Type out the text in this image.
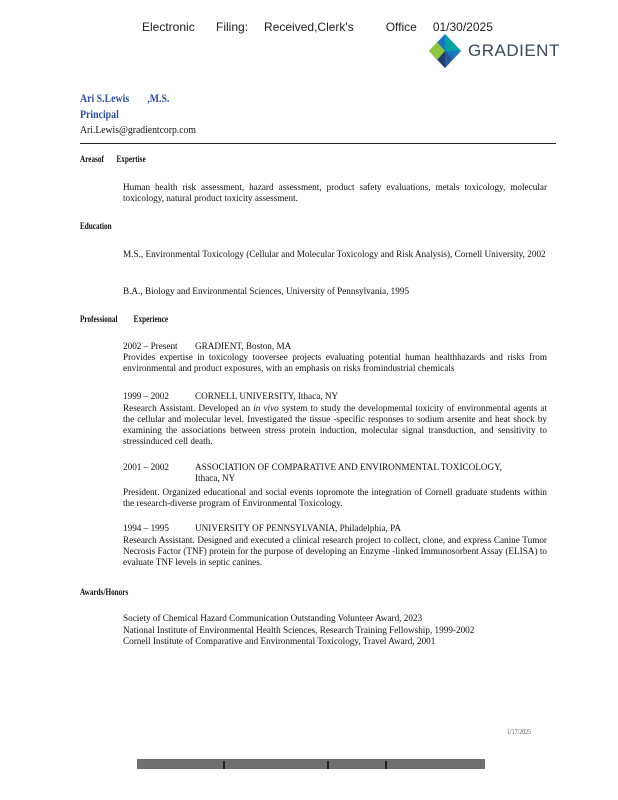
Electronic    Filing:   Received,Clerk's      Office   01/30/2025
GRADIENT
Ari S.Lewis ,M.S.
Principal
Ari.Lewis@gradientcorp.com
Areasof       Expertise
Human health risk assessment, hazard assessment, product safety evaluations, metals toxicology, molecular toxicology, natural product toxicity assessment.
Education
M.S., Environmental Toxicology (Cellular and Molecular Toxicology and Risk Analysis), Cornell University, 2002
B.A., Biology and Environmental Sciences, University of Pennsylvania, 1995
Professional         Experience
2002 – Present GRADIENT, Boston, MA
Provides expertise in toxicology tooversee projects evaluating potential human healthhazards and risks from environmental and product exposures, with an emphasis on risks fromindustrial chemicals
1999 – 2002	CORNELL UNIVERSITY, Ithaca, NY
Research Assistant. Developed an in vivo system to study the developmental toxicity of environmental agents at the cellular and molecular level. Investigated the tissue -specific responses to sodium arsenite and heat shock by examining the associations between stress protein induction, molecular signal transduction, and sensitivity to stressinduced cell death.
2001 – 2002	ASSOCIATION OF COMPARATIVE AND ENVIRONMENTAL TOXICOLOGY,
Ithaca, NY
President. Organized educational and social events topromote the integration of Cornell graduate students within the research-diverse program of Environmental Toxicology.
1994 – 1995	UNIVERSITY OF PENNSYLVANIA, Philadelphia, PA
Research Assistant. Designed and executed a clinical research project to collect, clone, and express Canine Tumor Necrosis Factor (TNF) protein for the purpose of developing an Enzyme -linked Immunosorbent Assay (ELISA) to evaluate TNF levels in septic canines.
Awards/Honors
Society of Chemical Hazard Communication Outstanding Volunteer Award, 2023
National Institute of Environmental Health Sciences, Research Training Fellowship, 1999-2002
Cornell Institute of Comparative and Environmental Toxicology, Travel Award, 2001
1/17/2025
